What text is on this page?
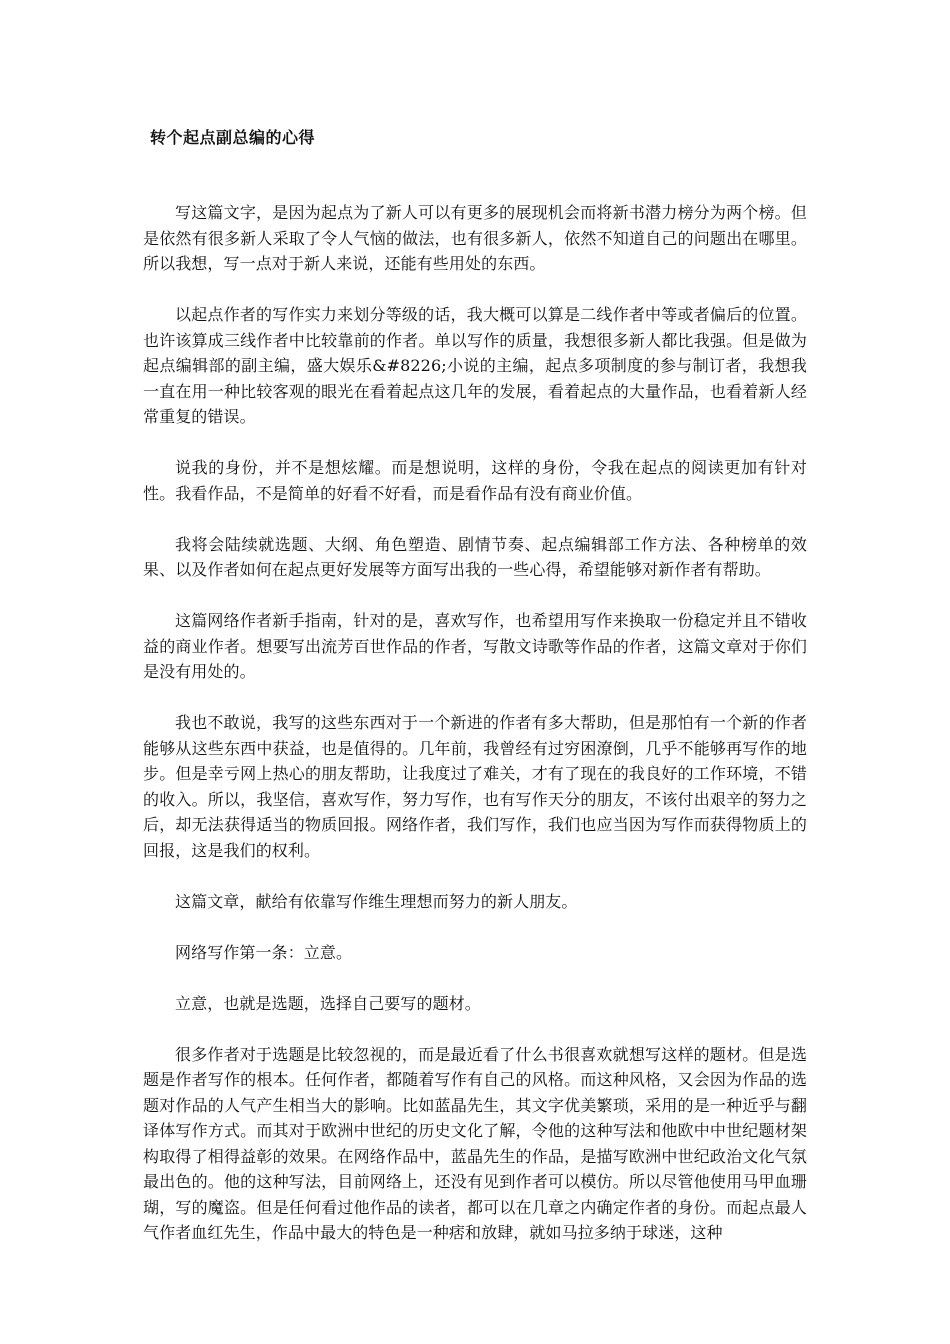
转个起点副总编的心得

写这篇文字，是因为起点为了新人可以有更多的展现机会而将新书潜力榜分为两个榜。但是依然有很多新人采取了令人气恼的做法，也有很多新人，依然不知道自己的问题出在哪里。所以我想，写一点对于新人来说，还能有些用处的东西。

以起点作者的写作实力来划分等级的话，我大概可以算是二线作者中等或者偏后的位置。也许该算成三线作者中比较靠前的作者。单以写作的质量，我想很多新人都比我强。但是做为起点编辑部的副主编，盛大娱乐&#8226;小说的主编，起点多项制度的参与制订者，我想我一直在用一种比较客观的眼光在看着起点这几年的发展，看着起点的大量作品，也看着新人经常重复的错误。

说我的身份，并不是想炫耀。而是想说明，这样的身份，令我在起点的阅读更加有针对性。我看作品，不是简单的好看不好看，而是看作品有没有商业价值。

我将会陆续就选题、大纲、角色塑造、剧情节奏、起点编辑部工作方法、各种榜单的效果、以及作者如何在起点更好发展等方面写出我的一些心得，希望能够对新作者有帮助。

这篇网络作者新手指南，针对的是，喜欢写作，也希望用写作来换取一份稳定并且不错收益的商业作者。想要写出流芳百世作品的作者，写散文诗歌等作品的作者，这篇文章对于你们是没有用处的。

我也不敢说，我写的这些东西对于一个新进的作者有多大帮助，但是那怕有一个新的作者能够从这些东西中获益，也是值得的。几年前，我曾经有过穷困潦倒，几乎不能够再写作的地步。但是幸亏网上热心的朋友帮助，让我度过了难关，才有了现在的我良好的工作环境，不错的收入。所以，我坚信，喜欢写作，努力写作，也有写作天分的朋友，不该付出艰辛的努力之后，却无法获得适当的物质回报。网络作者，我们写作，我们也应当因为写作而获得物质上的回报，这是我们的权利。

这篇文章，献给有依靠写作维生理想而努力的新人朋友。

网络写作第一条：立意。

立意，也就是选题，选择自己要写的题材。

很多作者对于选题是比较忽视的，而是最近看了什么书很喜欢就想写这样的题材。但是选题是作者写作的根本。任何作者，都随着写作有自己的风格。而这种风格，又会因为作品的选题对作品的人气产生相当大的影响。比如蓝晶先生，其文字优美繁琐，采用的是一种近乎与翻译体写作方式。而其对于欧洲中世纪的历史文化了解，令他的这种写法和他欧中中世纪题材架构取得了相得益彰的效果。在网络作品中，蓝晶先生的作品，是描写欧洲中世纪政治文化气氛最出色的。他的这种写法，目前网络上，还没有见到作者可以模仿。所以尽管他使用马甲血珊瑚，写的魔盗。但是任何看过他作品的读者，都可以在几章之内确定作者的身份。而起点最人气作者血红先生，作品中最大的特色是一种痞和放肆，就如马拉多纳于球迷，这种
